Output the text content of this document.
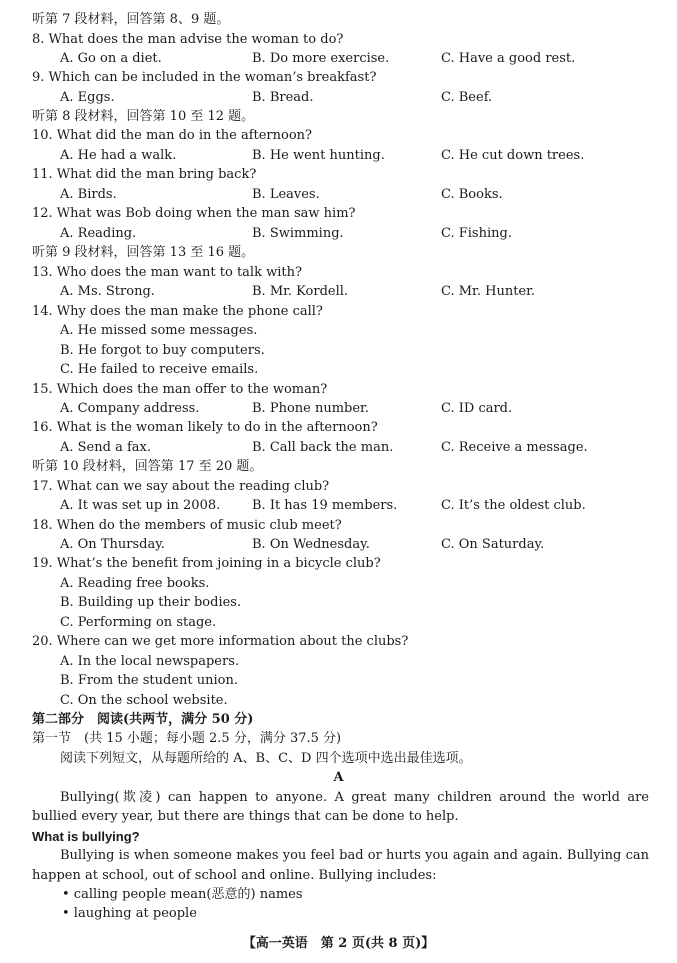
听第 7 段材料，回答第 8、9 题。
8. What does the man advise the woman to do?
A. Go on a diet.	B. Do more exercise.	C. Have a good rest.
9. Which can be included in the woman’s breakfast?
A. Eggs.	B. Bread.	C. Beef.
听第 8 段材料，回答第 10 至 12 题。
10. What did the man do in the afternoon?
A. He had a walk.	B. He went hunting.	C. He cut down trees.
11. What did the man bring back?
A. Birds.	B. Leaves.	C. Books.
12. What was Bob doing when the man saw him?
A. Reading.	B. Swimming.	C. Fishing.
听第 9 段材料，回答第 13 至 16 题。
13. Who does the man want to talk with?
A. Ms. Strong.	B. Mr. Kordell.	C. Mr. Hunter.
14. Why does the man make the phone call?
A. He missed some messages.
B. He forgot to buy computers.
C. He failed to receive emails.
15. Which does the man offer to the woman?
A. Company address.	B. Phone number.	C. ID card.
16. What is the woman likely to do in the afternoon?
A. Send a fax.	B. Call back the man.	C. Receive a message.
听第 10 段材料，回答第 17 至 20 题。
17. What can we say about the reading club?
A. It was set up in 2008. B. It has 19 members.	C. It’s the oldest club.
18. When do the members of music club meet?
A. On Thursday.	B. On Wednesday.	C. On Saturday.
19. What’s the benefit from joining in a bicycle club?
A. Reading free books.
B. Building up their bodies.
C. Performing on stage.
20. Where can we get more information about the clubs?
A. In the local newspapers.
B. From the student union.
C. On the school website.
第二部分　阅读(共两节，满分 50 分)
第一节　(共 15 小题；每小题 2.5 分，满分 37.5 分)
阅读下列短文，从每题所给的 A、B、C、D 四个选项中选出最佳选项。
A
Bullying(欺凌) can happen to anyone. A great many children around the world are
bullied every year, but there are things that can be done to help.
What is bullying?
Bullying is when someone makes you feel bad or hurts you again and again. Bullying can
happen at school, out of school and online. Bullying includes:
• calling people mean(恶意的) names
• laughing at people
【高一英语　第 2 页(共 8 页)】
